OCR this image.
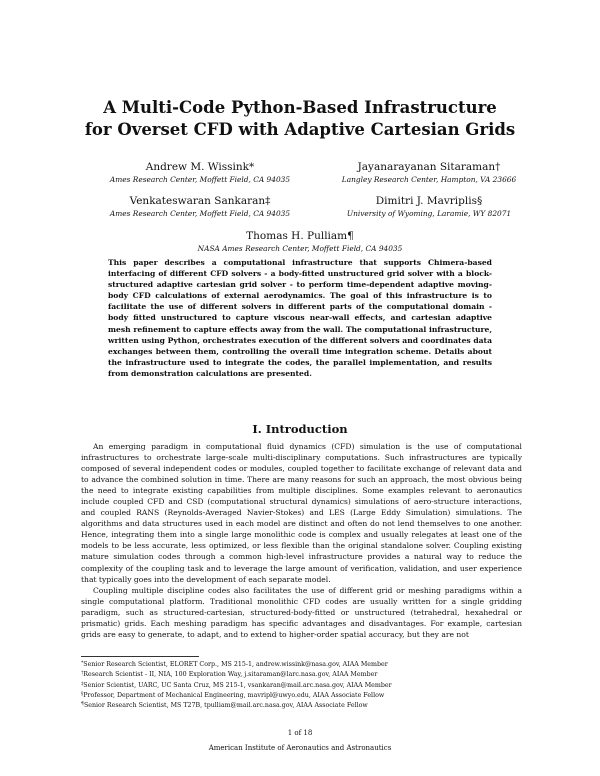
A Multi-Code Python-Based Infrastructure
for Overset CFD with Adaptive Cartesian Grids
Andrew M. Wissink*
Ames Research Center, Moffett Field, CA 94035
Jayanarayanan Sitaraman†
Langley Research Center, Hampton, VA 23666
Venkateswaran Sankaran‡
Ames Research Center, Moffett Field, CA 94035
Dimitri J. Mavriplis§
University of Wyoming, Laramie, WY 82071
Thomas H. Pulliam¶
NASA Ames Research Center, Moffett Field, CA 94035

This paper describes a computational infrastructure that supports Chimera-based interfacing of different CFD solvers - a body-fitted unstructured grid solver with a block-structured adaptive cartesian grid solver - to perform time-dependent adaptive moving-body CFD calculations of external aerodynamics. The goal of this infrastructure is to facilitate the use of different solvers in different parts of the computational domain - body fitted unstructured to capture viscous near-wall effects, and cartesian adaptive mesh refinement to capture effects away from the wall. The computational infrastructure, written using Python, orchestrates execution of the different solvers and coordinates data exchanges between them, controlling the overall time integration scheme. Details about the infrastructure used to integrate the codes, the parallel implementation, and results from demonstration calculations are presented.

I. Introduction

An emerging paradigm in computational fluid dynamics (CFD) simulation is the use of computational infrastructures to orchestrate large-scale multi-disciplinary computations. Such infrastructures are typically composed of several independent codes or modules, coupled together to facilitate exchange of relevant data and to advance the combined solution in time. There are many reasons for such an approach, the most obvious being the need to integrate existing capabilities from multiple disciplines. Some examples relevant to aeronautics include coupled CFD and CSD (computational structural dynamics) simulations of aero-structure interactions, and coupled RANS (Reynolds-Averaged Navier-Stokes) and LES (Large Eddy Simulation) simulations. The algorithms and data structures used in each model are distinct and often do not lend themselves to one another. Hence, integrating them into a single large monolithic code is complex and usually relegates at least one of the models to be less accurate, less optimized, or less flexible than the original standalone solver. Coupling existing mature simulation codes through a common high-level infrastructure provides a natural way to reduce the complexity of the coupling task and to leverage the large amount of verification, validation, and user experience that typically goes into the development of each separate model.

Coupling multiple discipline codes also facilitates the use of different grid or meshing paradigms within a single computational platform. Traditional monolithic CFD codes are usually written for a single gridding paradigm, such as structured-cartesian, structured-body-fitted or unstructured (tetrahedral, hexahedral or prismatic) grids. Each meshing paradigm has specific advantages and disadvantages. For example, cartesian grids are easy to generate, to adapt, and to extend to higher-order spatial accuracy, but they are not

*Senior Research Scientist, ELORET Corp., MS 215-1, andrew.wissink@nasa.gov, AIAA Member
†Research Scientist - II, NIA, 100 Exploration Way, j.sitaraman@larc.nasa.gov, AIAA Member
‡Senior Scientist, UARC, UC Santa Cruz, MS 215-1, vsankaran@mail.arc.nasa.gov, AIAA Member
§Professor, Department of Mechanical Engineering, mavripl@uwyo.edu, AIAA Associate Fellow
¶Senior Research Scientist, MS T27B, tpulliam@mail.arc.nasa.gov, AIAA Associate Fellow
1 of 18
American Institute of Aeronautics and Astronautics
